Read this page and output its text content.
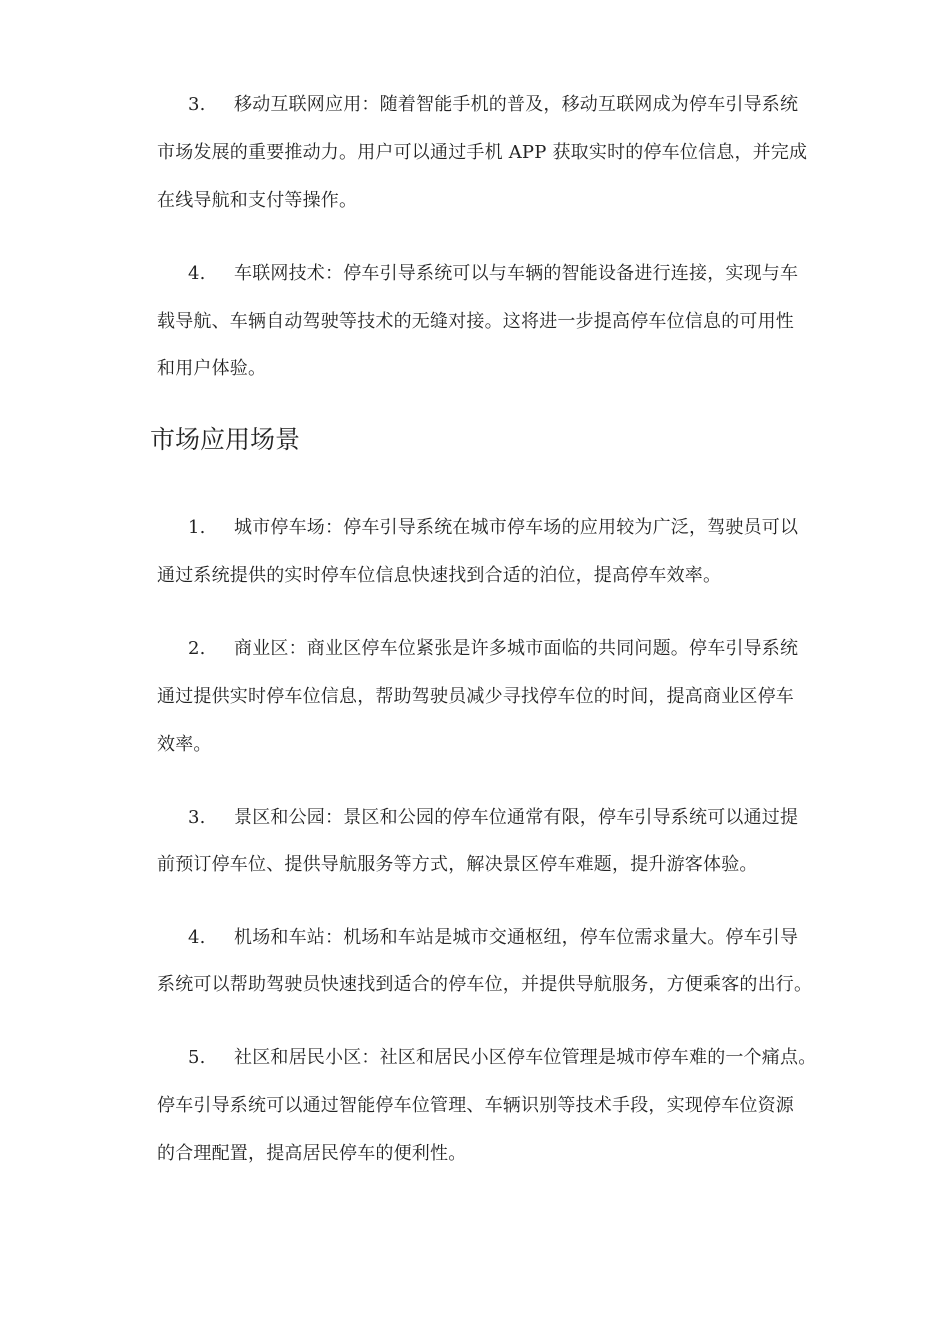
3. 移动互联网应用：随着智能手机的普及，移动互联网成为停车引导系统
市场发展的重要推动力。用户可以通过手机 APP 获取实时的停车位信息，并完成
在线导航和支付等操作。
4. 车联网技术：停车引导系统可以与车辆的智能设备进行连接，实现与车
载导航、车辆自动驾驶等技术的无缝对接。这将进一步提高停车位信息的可用性
和用户体验。
市场应用场景
1. 城市停车场：停车引导系统在城市停车场的应用较为广泛，驾驶员可以
通过系统提供的实时停车位信息快速找到合适的泊位，提高停车效率。
2. 商业区：商业区停车位紧张是许多城市面临的共同问题。停车引导系统
通过提供实时停车位信息，帮助驾驶员减少寻找停车位的时间，提高商业区停车
效率。
3. 景区和公园：景区和公园的停车位通常有限，停车引导系统可以通过提
前预订停车位、提供导航服务等方式，解决景区停车难题，提升游客体验。
4. 机场和车站：机场和车站是城市交通枢纽，停车位需求量大。停车引导
系统可以帮助驾驶员快速找到适合的停车位，并提供导航服务，方便乘客的出行。
5. 社区和居民小区：社区和居民小区停车位管理是城市停车难的一个痛点。
停车引导系统可以通过智能停车位管理、车辆识别等技术手段，实现停车位资源
的合理配置，提高居民停车的便利性。
